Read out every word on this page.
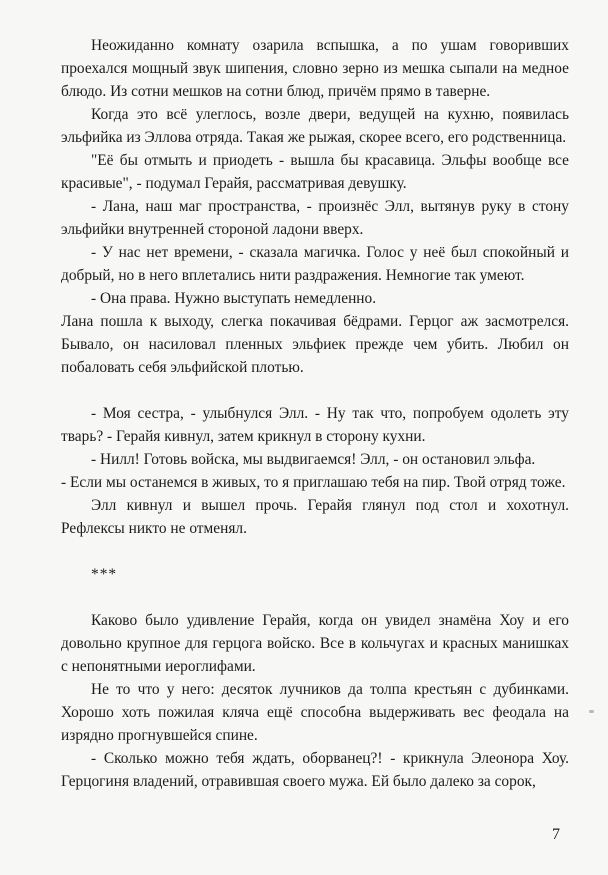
Неожиданно комнату озарила вспышка, а по ушам говоривших проехался мощный звук шипения, словно зерно из мешка сыпали на медное блюдо. Из сотни мешков на сотни блюд, причём прямо в таверне.

Когда это всё улеглось, возле двери, ведущей на кухню, появилась эльфийка из Эллова отряда. Такая же рыжая, скорее всего, его родственница.

"Её бы отмыть и приодеть - вышла бы красавица. Эльфы вообще все красивые", - подумал Герайя, рассматривая девушку.

- Лана, наш маг пространства, - произнёс Элл, вытянув руку в стону эльфийки внутренней стороной ладони вверх.

- У нас нет времени, - сказала магичка. Голос у неё был спокойный и добрый, но в него вплетались нити раздражения. Немногие так умеют.

- Она права. Нужно выступать немедленно.

Лана пошла к выходу, слегка покачивая бёдрами. Герцог аж засмотрелся. Бывало, он насиловал пленных эльфиек прежде чем убить. Любил он побаловать себя эльфийской плотью.

- Моя сестра, - улыбнулся Элл. - Ну так что, попробуем одолеть эту тварь? - Герайя кивнул, затем крикнул в сторону кухни.

- Нилл! Готовь войска, мы выдвигаемся! Элл, - он остановил эльфа.

- Если мы останемся в живых, то я приглашаю тебя на пир. Твой отряд тоже.

Элл кивнул и вышел прочь. Герайя глянул под стол и хохотнул. Рефлексы никто не отменял.

***

Каково было удивление Герайя, когда он увидел знамёна Хоу и его довольно крупное для герцога войско. Все в кольчугах и красных манишках с непонятными иероглифами.

Не то что у него: десяток лучников да толпа крестьян с дубинками. Хорошо хоть пожилая кляча ещё способна выдерживать вес феодала на изрядно прогнувшейся спине.

- Сколько можно тебя ждать, оборванец?! - крикнула Элеонора Хоу. Герцогиня владений, отравившая своего мужа. Ей было далеко за сорок,

7
